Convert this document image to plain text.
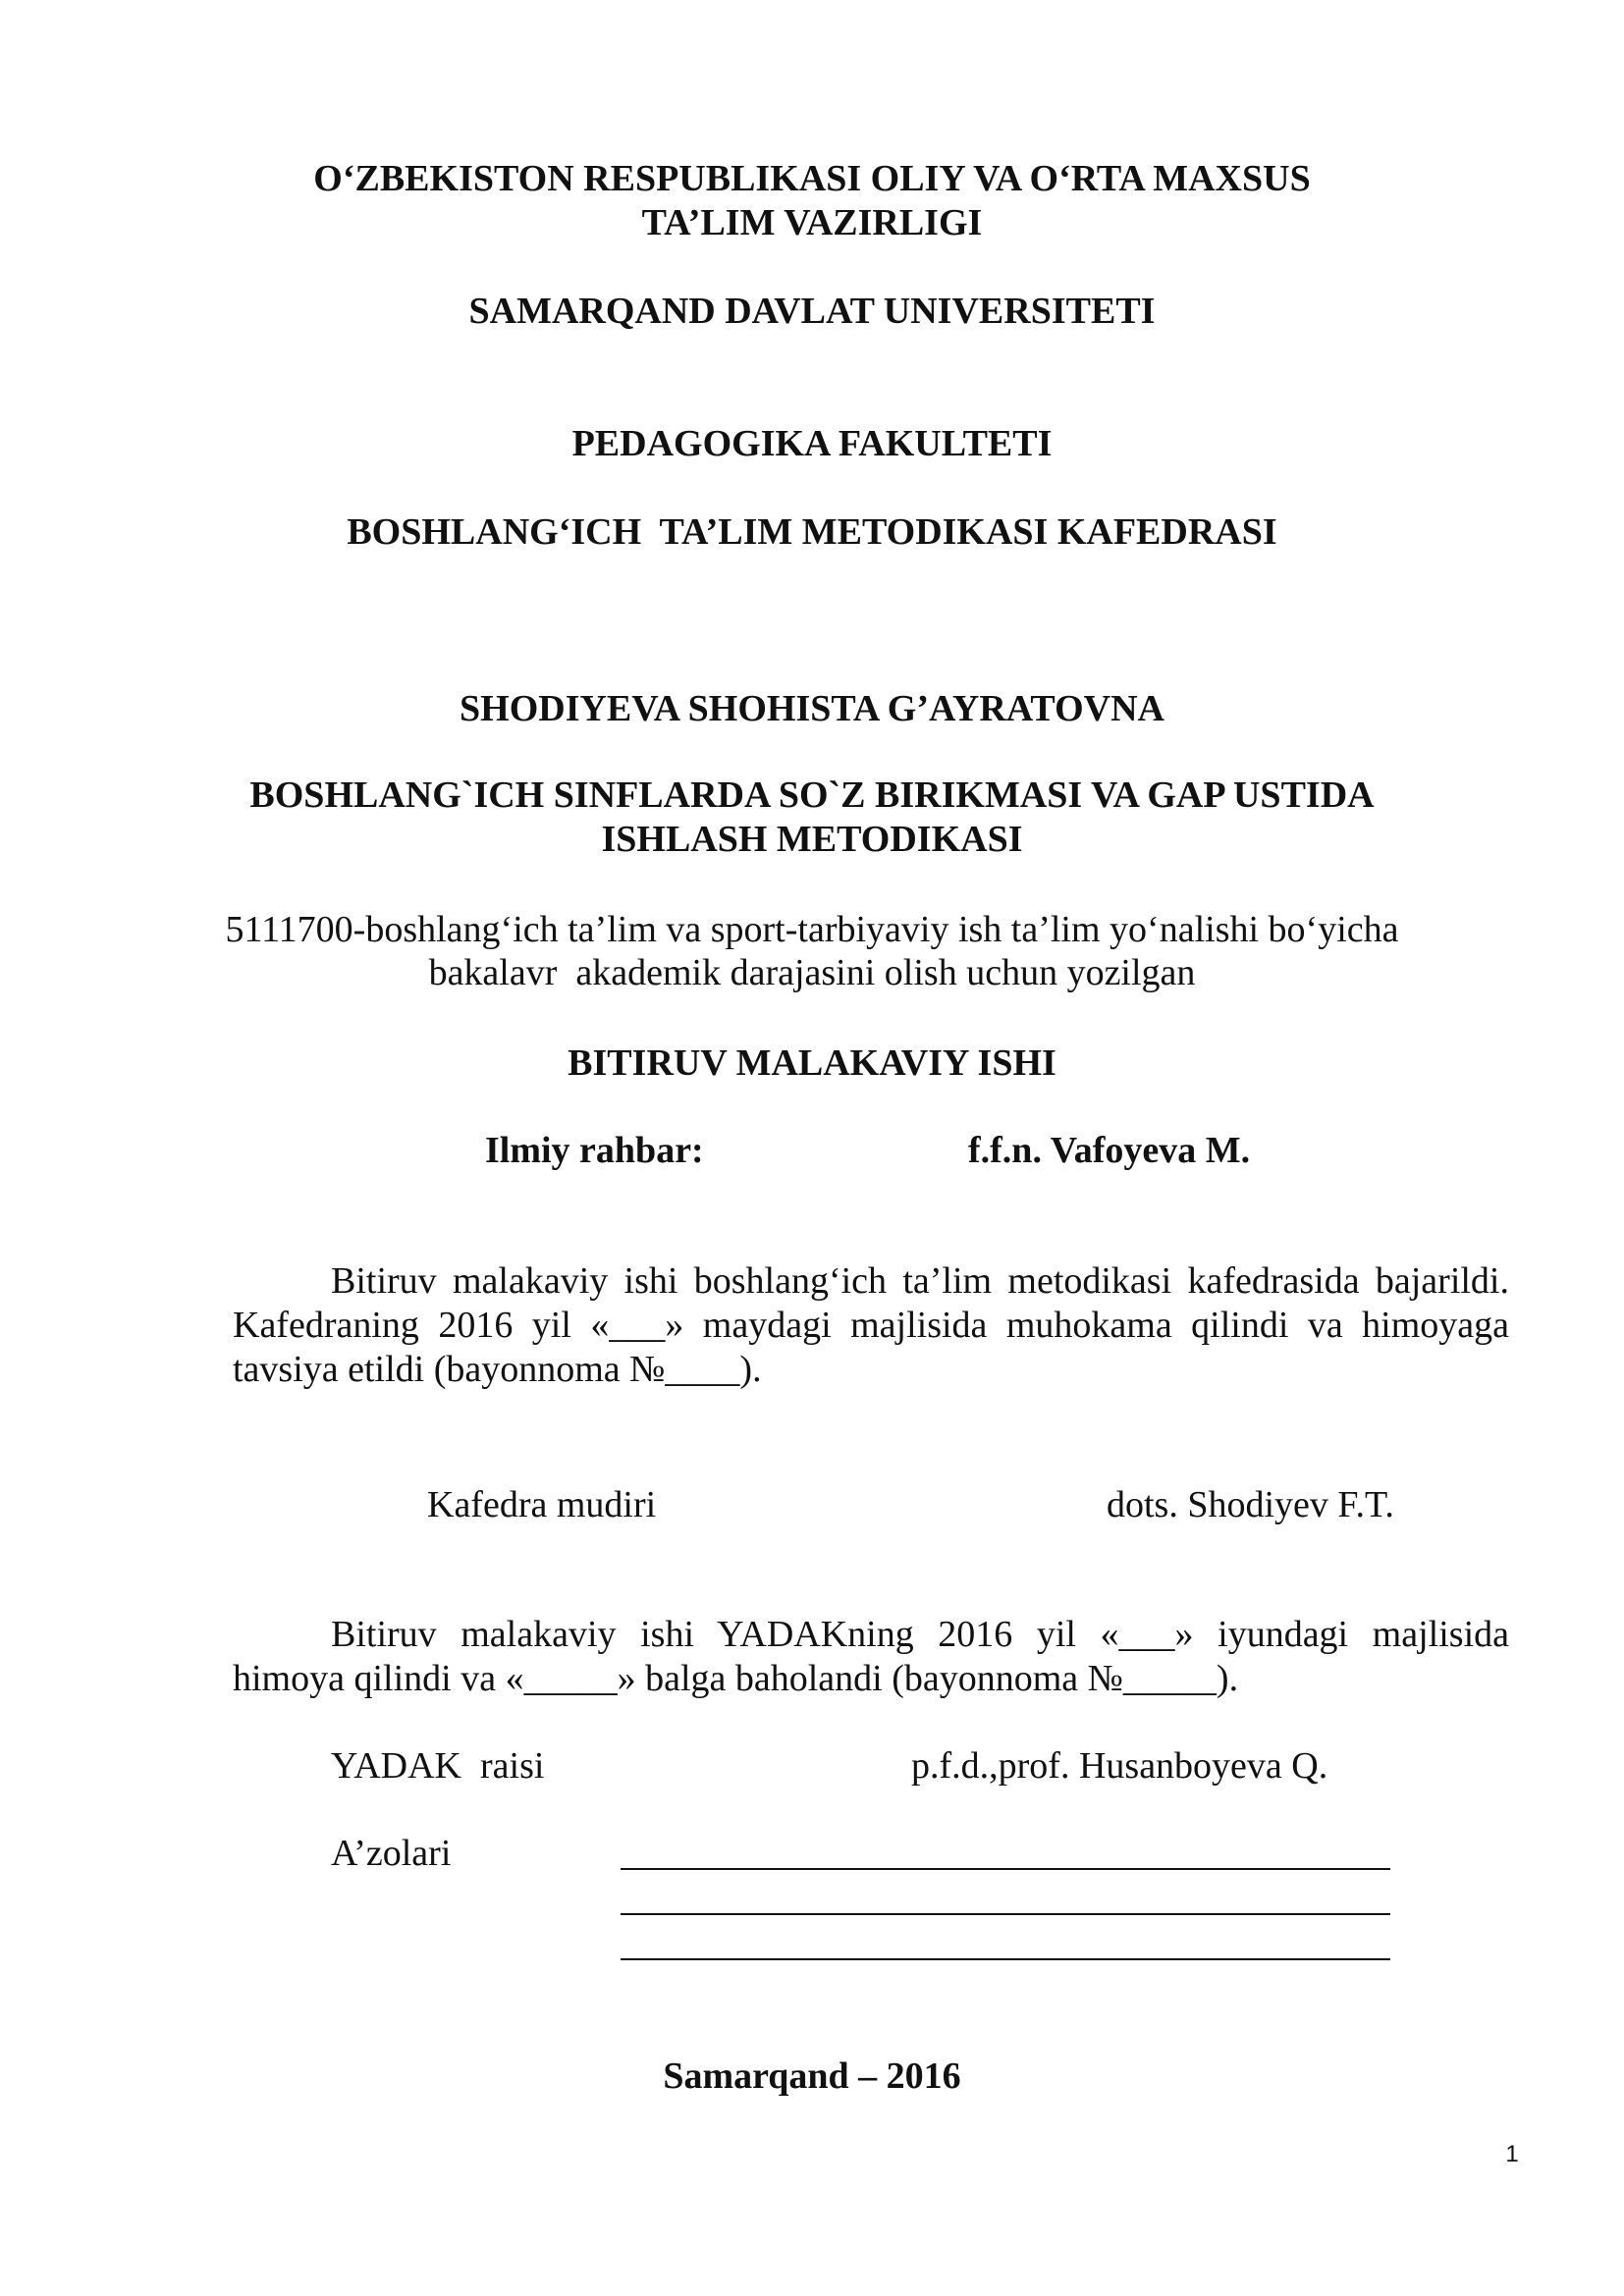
O‘ZBEKISTON RESPUBLIKASI OLIY VA O‘RTA MAXSUS
TA’LIM VAZIRLIGI
SAMARQAND DAVLAT UNIVERSITETI
PEDAGOGIKA FAKULTETI
BOSHLANG‘ICH  TA’LIM METODIKASI KAFEDRASI
SHODIYEVA SHOHISTA G’AYRATOVNA
BOSHLANG`ICH SINFLARDA SO`Z BIRIKMASI VA GAP USTIDA
ISHLASH METODIKASI
5111700-boshlang‘ich ta’lim va sport-tarbiyaviy ish ta’lim yo‘nalishi bo‘yicha
bakalavr  akademik darajasini olish uchun yozilgan
BITIRUV MALAKAVIY ISHI
Ilmiy rahbar:	f.f.n. Vafoyeva M.
Bitiruv malakaviy ishi boshlang‘ich ta’lim metodikasi kafedrasida bajarildi.
Kafedraning 2016 yil «___» maydagi majlisida muhokama qilindi va himoyaga
tavsiya etildi (bayonnoma №____).
Kafedra mudiri	dots. Shodiyev F.T.
Bitiruv malakaviy ishi YADAKning 2016 yil «___» iyundagi majlisida
himoya qilindi va «_____» balga baholandi (bayonnoma №_____).
YADAK  raisi	p.f.d.,prof. Husanboyeva Q.
A’zolari
Samarqand – 2016
1
